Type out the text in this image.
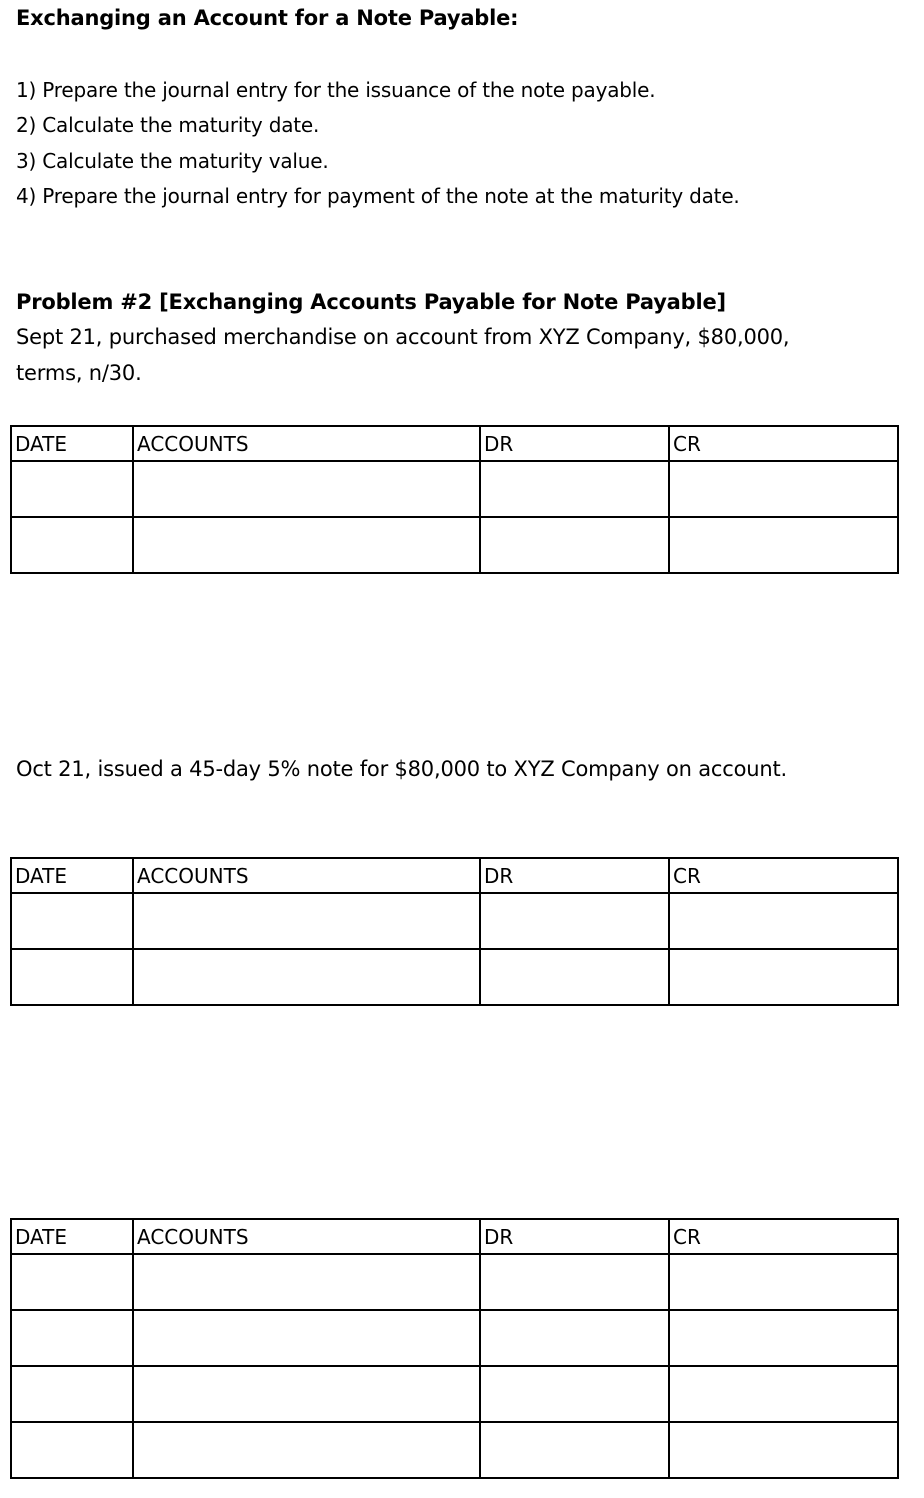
Exchanging an Account for a Note Payable:

1) Prepare the journal entry for the issuance of the note payable.

2) Calculate the maturity date.

3) Calculate the maturity value.

4) Prepare the journal entry for payment of the note at the maturity date.

Problem #2 [Exchanging Accounts Payable for Note Payable]

Sept 21, purchased merchandise on account from XYZ Company, $80,000,

terms, n/30.

DATE	ACCOUNTS	DR	CR

Oct 21, issued a 45-day 5% note for $80,000 to XYZ Company on account.

DATE	ACCOUNTS	DR	CR

DATE	ACCOUNTS	DR	CR
